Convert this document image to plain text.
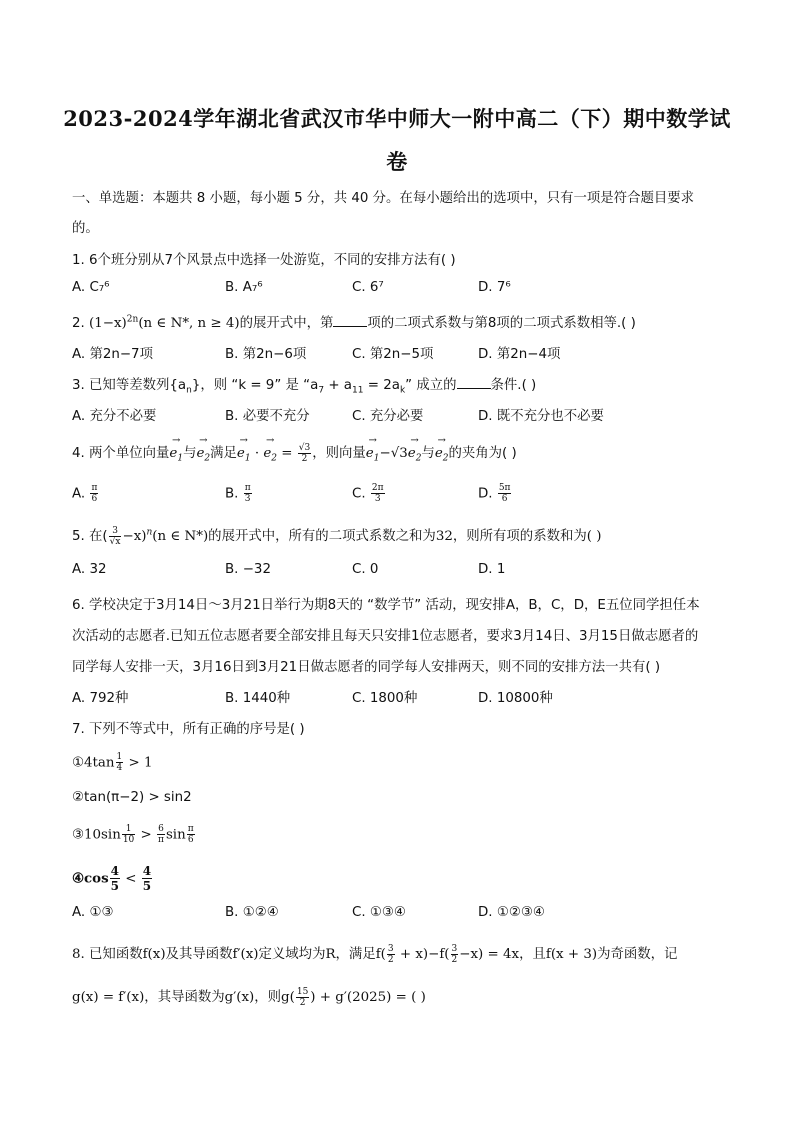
2023-2024学年湖北省武汉市华中师大一附中高二（下）期中数学试
卷
一、单选题：本题共 8 小题，每小题 5 分，共 40 分。在每小题给出的选项中，只有一项是符合题目要求
的。
1. 6个班分别从7个风景点中选择一处游览，不同的安排方法有( )
A. C₇⁶	B. A₇⁶	C. 6⁷	D. 7⁶
2. $(1-x)^{2n}(n$ ∈ N*, n ≥ 4)的展开式中，第	项的二项式系数与第8项的二项式系数相等.( )
A. 第2n−7项	B. 第2n−6项	C. 第2n−5项	D. 第2n−4项
3. 已知等差数列$\{a_n\}$，则 “k = 9” 是 “$a_7 + a_{11} = 2a_k$” 成立的	条件.( )
A. 充分不必要	B. 必要不充分	C. 充分必要	D. 既不充分也不必要
4. 两个单位向量→ $e_1$与→ $e_2$满足→ $e_1$ · → $e_2 = \frac{√3}{2}$ ，则向量→ $e_1-√3\to e_2$与→ $e_2$的夹角为( )
A. $\frac{\pi}{6}$	B. $\frac{\pi}{3}$	C. $\frac{2\pi}{3}$	D. $\frac{5\pi}{6}$
5. 在( $\frac{3}{√x} -x)^n(n$ ∈ N*)的展开式中，所有的二项式系数之和为32，则所有项的系数和为( )
A. 32	B. −32	C. 0	D. 1
6. 学校决定于3月14日～3月21日举行为期8天的 “数学节” 活动，现安排A，B，C，D，E五位同学担任本
次活动的志愿者.已知五位志愿者要全部安排且每天只安排1位志愿者，要求3月14日、3月15日做志愿者的
同学每人安排一天，3月16日到3月21日做志愿者的同学每人安排两天，则不同的安排方法一共有( )
A. 792种	B. 1440种	C. 1800种	D. 10800种
7. 下列不等式中，所有正确的序号是( )
①4tan $\frac{1}{4} > 1$
②tan(π−2) > sin2
③10sin $\frac{1}{10} > \frac{6}{\pi}$ $\sin \frac{\pi}{6}$
④cos $\frac{4}{5} < \frac{4}{5}$
A. ①③	B. ①②④	C. ①③④	D. ①②③④
8. 已知函数f(x)及其导函数f′(x)定义域均为R，满足$f( \frac{3}{2} + x)-f( \frac{3}{2} -x) = 4x$，且f(x + 3)为奇函数，记
g(x) = f′(x)，其导函数为g′(x)，则$g( \frac{15}{2}$ ) + g′(2025) = ( )
